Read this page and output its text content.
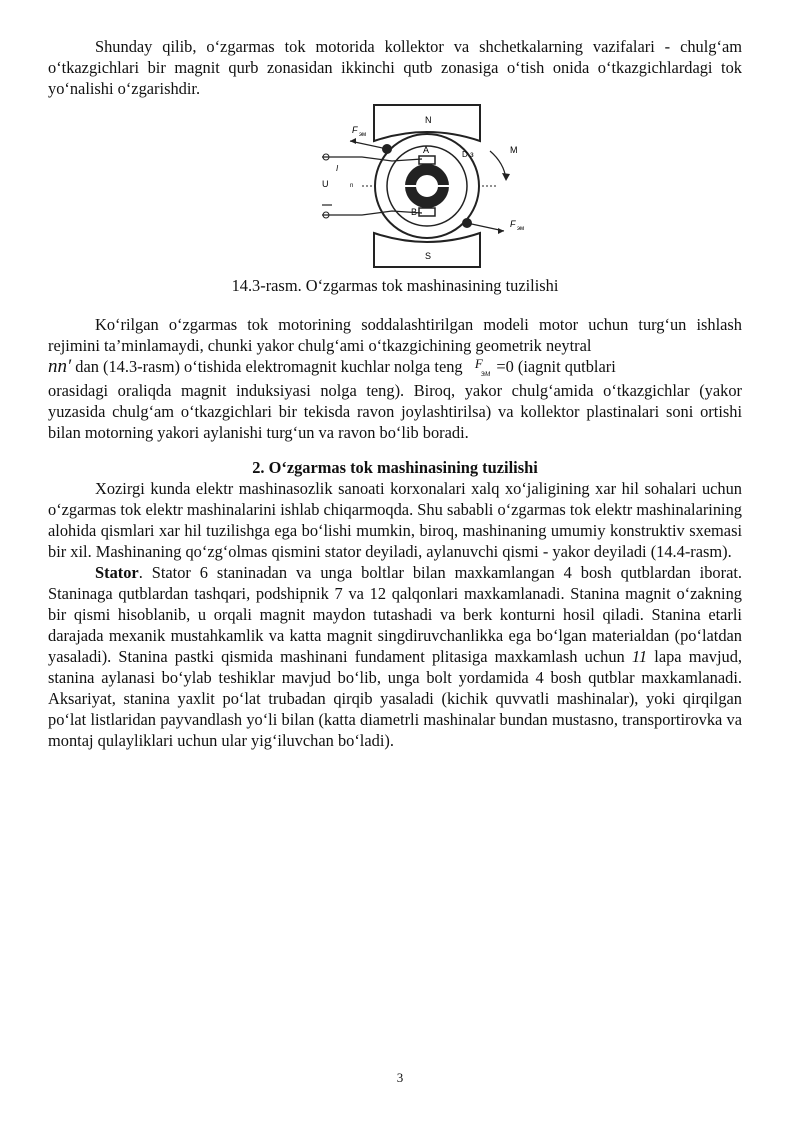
Shunday qilib, o‘zgarmas tok motorida kollektor va shchetkalarning vazifalari - chulg‘am o‘tkazgichlari bir magnit qurb zonasidan ikkinchi qutb zonasiga o‘tish onida o‘tkazgichlardagi tok yo‘nalishi o‘zgarishdir.

N
S
A
B
U
I
n
F эм
F эм
M
D з
14.3-rasm. O‘zgarmas tok mashinasining tuzilishi

Ko‘rilgan o‘zgarmas tok motorining soddalashtirilgan modeli motor uchun turg‘un ishlash rejimini ta’minlamaydi, chunki yakor chulg‘ami o‘tkazgichining geometrik neytral

nn′ dan (14.3-rasm) o‘tishida elektromagnit kuchlar nolga teng $^F_{эм}$ =0 (iagnit qutblari

orasidagi oraliqda magnit induksiyasi nolga teng). Biroq, yakor chulg‘amida o‘tkazgichlar (yakor yuzasida chulg‘am o‘tkazgichlari bir tekisda ravon joylashtirilsa) va kollektor plastinalari soni ortishi bilan motorning yakori aylanishi turg‘un va ravon bo‘lib boradi.

2. O‘zgarmas tok mashinasining tuzilishi

Xozirgi kunda elektr mashinasozlik sanoati korxonalari xalq xo‘jaligining xar hil sohalari uchun o‘zgarmas tok elektr mashinalarini ishlab chiqarmoqda. Shu sababli o‘zgarmas tok elektr mashinalarining alohida qismlari xar hil tuzilishga ega bo‘lishi mumkin, biroq, mashinaning umumiy konstruktiv sxemasi bir xil. Mashinaning qo‘zg‘olmas qismini stator deyiladi, aylanuvchi qismi - yakor deyiladi (14.4-rasm).

Stator. Stator 6 staninadan va unga boltlar bilan maxkamlangan 4 bosh qutblardan iborat. Staninaga qutblardan tashqari, podshipnik 7 va 12 qalqonlari maxkamlanadi. Stanina magnit o‘zakning bir qismi hisoblanib, u orqali magnit maydon tutashadi va berk konturni hosil qiladi. Stanina etarli darajada mexanik mustahkamlik va katta magnit singdiruvchanlikka ega bo‘lgan materialdan (po‘latdan yasaladi). Stanina pastki qismida mashinani fundament plitasiga maxkamlash uchun 11 lapa mavjud, stanina aylanasi bo‘ylab teshiklar mavjud bo‘lib, unga bolt yordamida 4 bosh qutblar maxkamlanadi. Aksariyat, stanina yaxlit po‘lat trubadan qirqib yasaladi (kichik quvvatli mashinalar), yoki qirqilgan po‘lat listlaridan payvandlash yo‘li bilan (katta diametrli mashinalar bundan mustasno, transportirovka va montaj qulayliklari uchun ular yig‘iluvchan bo‘ladi).

3
